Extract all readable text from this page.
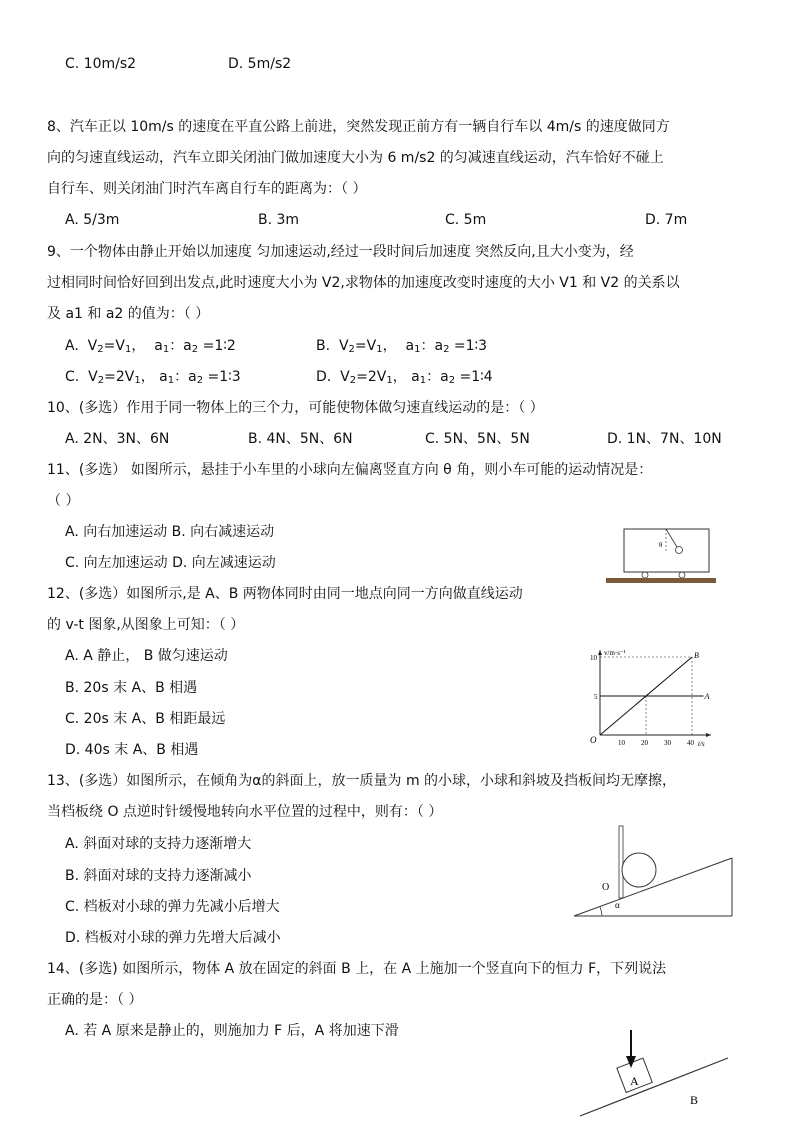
C. 10m/s2	D. 5m/s2
8、汽车正以 10m/s 的速度在平直公路上前进，突然发现正前方有一辆自行车以 4m/s 的速度做同方
向的匀速直线运动，汽车立即关闭油门做加速度大小为 6 m/s2 的匀减速直线运动，汽车恰好不碰上
自行车、则关闭油门时汽车离自行车的距离为：（ ）
A. 5/3m	B. 3m	C. 5m	D. 7m
9、一个物体由静止开始以加速度 匀加速运动,经过一段时间后加速度 突然反向,且大小变为，经
过相同时间恰好回到出发点,此时速度大小为 V2,求物体的加速度改变时速度的大小 V1 和 V2 的关系以
及 a1 和 a2 的值为：（ ）
A.  $V_2=V_1$，  $a_1$：$a_2$ =1∶2	B.  $V_2=V_1$，  $a_1$：$a_2$ =1∶3
C.  $V_2=2V_1$， $a_1$：$a_2$ =1∶3	D.  $V_2=2V_1$， $a_1$：$a_2$ =1∶4
10、(多选）作用于同一物体上的三个力，可能使物体做匀速直线运动的是：（ ）
A. 2N、3N、6N	B. 4N、5N、6N	C. 5N、5N、5N	D. 1N、7N、10N
11、(多选） 如图所示，悬挂于小车里的小球向左偏离竖直方向 θ 角，则小车可能的运动情况是：
（ ）
A. 向右加速运动 B. 向右减速运动
C. 向左加速运动 D. 向左减速运动
θ
12、(多选）如图所示,是 A、B 两物体同时由同一地点向同一方向做直线运动
的 v-t 图象,从图象上可知：（ ）
A. A 静止， B 做匀速运动
B. 20s 末 A、B 相遇
C. 20s 末 A、B 相距最远
D. 40s 末 A、B 相遇
O
v/m·s⁻¹
t/s
10 20 30 40
5
10
A
B
13、(多选）如图所示，在倾角为α的斜面上，放一质量为 m 的小球，小球和斜坡及挡板间均无摩擦，
当档板绕 O 点逆时针缓慢地转向水平位置的过程中，则有：（ ）
A. 斜面对球的支持力逐渐增大
B. 斜面对球的支持力逐渐减小
C. 档板对小球的弹力先减小后增大
D. 档板对小球的弹力先增大后减小
O
α
14、(多选) 如图所示，物体 A 放在固定的斜面 B 上，在 A 上施加一个竖直向下的恒力 F，下列说法
正确的是：（ ）
A. 若 A 原来是静止的，则施加力 F 后，A 将加速下滑
A
B
